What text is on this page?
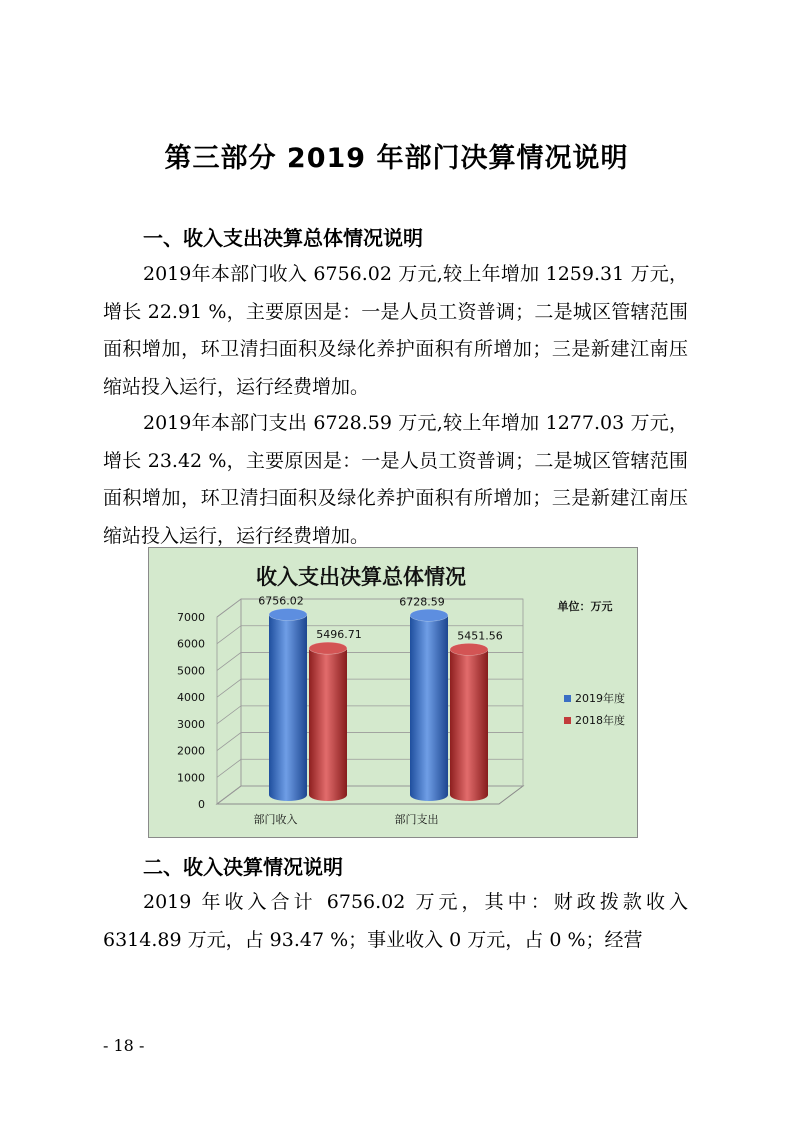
第三部分 2019 年部门决算情况说明
一、收入支出决算总体情况说明

2019年本部门收入 6756.02 万元,较上年增加 1259.31 万元，增长 22.91 %，主要原因是：一是人员工资普调；二是城区管辖范围面积增加，环卫清扫面积及绿化养护面积有所增加；三是新建江南压缩站投入运行，运行经费增加。

2019年本部门支出 6728.59 万元,较上年增加 1277.03 万元，增长 23.42 %，主要原因是：一是人员工资普调；二是城区管辖范围面积增加，环卫清扫面积及绿化养护面积有所增加；三是新建江南压缩站投入运行，运行经费增加。

收入支出决算总体情况
单位：万元
0
1000
2000
3000
4000
5000
6000
7000
6756.02
5496.71
部门收入
6728.59
5451.56
部门支出
2019年度
2018年度
二、收入决算情况说明

2019 年收入合计 6756.02 万元，其中：财政拨款收入 6314.89 万元，占 93.47 %；事业收入 0 万元，占 0 %；经营

- 18 -
